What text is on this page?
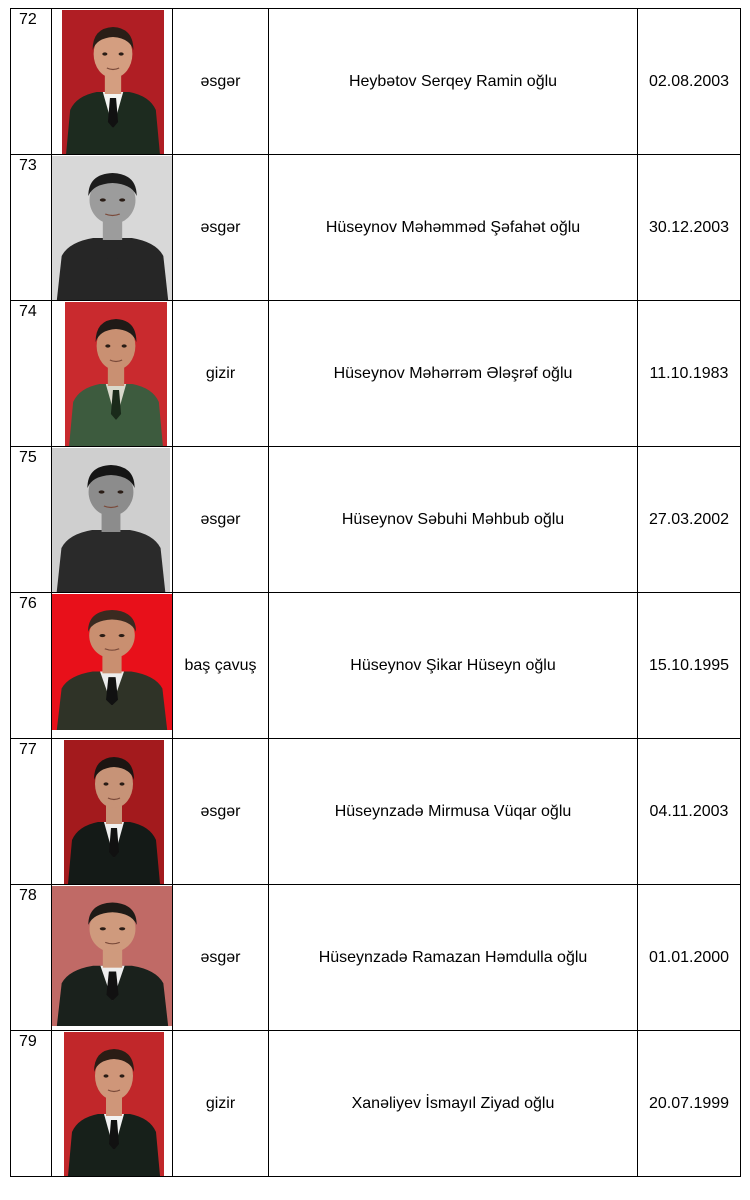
72		əsgər	Heybətov Serqey Ramin oğlu	02.08.2003
73		əsgər	Hüseynov Məhəmməd Şəfahət oğlu	30.12.2003
74		gizir	Hüseynov Məhərrəm Ələşrəf oğlu	11.10.1983
75		əsgər	Hüseynov Səbuhi Məhbub oğlu	27.03.2002
76		baş çavuş	Hüseynov Şikar Hüseyn oğlu	15.10.1995
77		əsgər	Hüseynzadə Mirmusa Vüqar oğlu	04.11.2003
78		əsgər	Hüseynzadə Ramazan Həmdulla oğlu	01.01.2000
79		gizir	Xanəliyev İsmayıl Ziyad oğlu	20.07.1999
